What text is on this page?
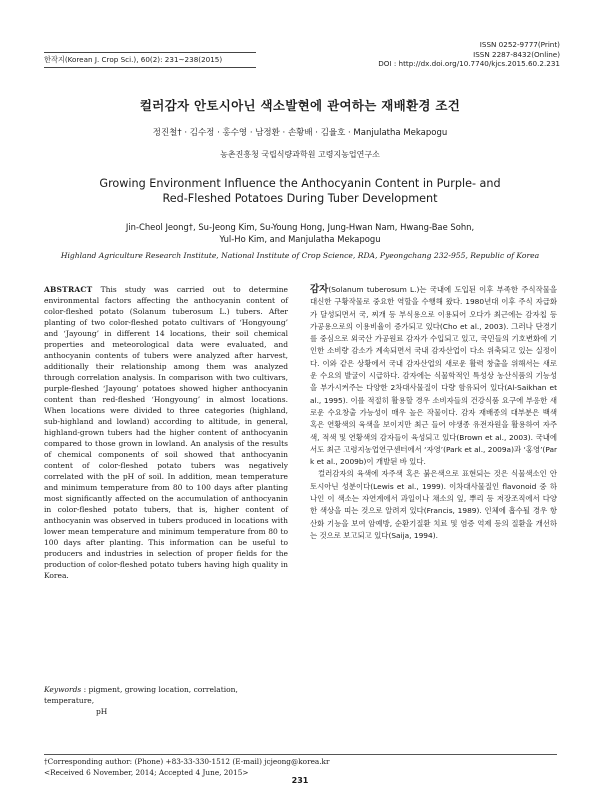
한작지(Korean J. Crop Sci.), 60(2): 231~238(2015)
ISSN 0252-9777(Print)
ISSN 2287-8432(Online)
DOI : http://dx.doi.org/10.7740/kjcs.2015.60.2.231
컬러감자 안토시아닌 색소발현에 관여하는 재배환경 조건
정진철† · 김수정 · 홍수영 · 남정환 · 손황배 · 김율호 · Manjulatha Mekapogu
농촌진흥청 국립식량과학원 고령지농업연구소
Growing Environment Influence the Anthocyanin Content in Purple- and
Red-Fleshed Potatoes During Tuber Development
Jin-Cheol Jeong†, Su-Jeong Kim, Su-Young Hong, Jung-Hwan Nam, Hwang-Bae Sohn,
Yul-Ho Kim, and Manjulatha Mekapogu
Highland Agriculture Research Institute, National Institute of Crop Science, RDA, Pyeongchang 232-955, Republic of Korea
ABSTRACT This study was carried out to determine environmental factors affecting the anthocyanin content of color-fleshed potato (Solanum tuberosum L.) tubers. After planting of two color-fleshed potato cultivars of ‘Hongyoung’ and ‘Jayoung’ in different 14 locations, their soil chemical properties and meteorological data were evaluated, and anthocyanin contents of tubers were analyzed after harvest, additionally their relationship among them was analyzed through correlation analysis. In comparison with two cultivars, purple-fleshed ‘Jayoung’ potatoes showed higher anthocyanin content than red-fleshed ‘Hongyoung’ in almost locations. When locations were divided to three categories (highland, sub-highland and lowland) according to altitude, in general, highland-grown tubers had the higher content of anthocyanin compared to those grown in lowland. An analysis of the results of chemical components of soil showed that anthocyanin content of color-fleshed potato tubers was negatively correlated with the pH of soil. In addition, mean temperature and minimum temperature from 80 to 100 days after planting most significantly affected on the accumulation of anthocyanin in color-fleshed potato tubers, that is, higher content of anthocyanin was observed in tubers produced in locations with lower mean temperature and minimum temperature from 80 to 100 days after planting. This information can be useful to producers and industries in selection of proper fields for the production of color-fleshed potato tubers having high quality in Korea.
Keywords : pigment, growing location, correlation, temperature,
pH

감자(Solanum tuberosum L.)는 국내에 도입된 이후 부족한 주식작물을 대신한 구황작물로 중요한 역할을 수행해 왔다. 1980년대 이후 주식 자급화가 달성되면서 국, 찌개 등 부식용으로 이용되어 오다가 최근에는 감자칩 등 가공용으로의 이용비율이 증가되고 있다(Cho et al., 2003). 그러나 단경기를 중심으로 외국산 가공원료 감자가 수입되고 있고, 국민들의 기호변화에 기인한 소비량 감소가 계속되면서 국내 감자산업이 다소 위축되고 있는 실정이다. 이와 같은 상황에서 국내 감자산업의 새로운 활력 창출을 위해서는 새로운 수요의 발굴이 시급하다. 감자에는 식물학적인 특성상 농산식품의 기능성을 부가시켜주는 다양한 2차대사물질이 다량 함유되어 있다(Al-Saikhan et al., 1995). 이를 적절히 활용할 경우 소비자들의 건강식품 요구에 부응한 새로운 수요창출 가능성이 매우 높은 작물이다. 감자 재배종의 대부분은 백색 혹은 연황색의 육색을 보이지만 최근 들어 야생종 유전자원을 활용하여 자주색, 적색 및 연황색의 감자들이 육성되고 있다(Brown et al., 2003). 국내에서도 최근 고령지농업연구센터에서 ‘자영’(Park et al., 2009a)과 ‘홍영’(Park et al., 2009b)이 개발된 바 있다.

컬러감자의 육색에 자주색 혹은 붉은색으로 표현되는 것은 식물색소인 안토시아닌 성분이다(Lewis et al., 1999). 이차대사물질인 flavonoid 중 하나인 이 색소는 자연계에서 과일이나 채소의 잎, 뿌리 등 저장조직에서 다양한 색상을 띠는 것으로 알려져 있다(Francis, 1989). 인체에 흡수될 경우 항산화 기능을 보여 암예방, 순환기질환 치료 및 염증 억제 등의 질환을 개선하는 것으로 보고되고 있다(Saija, 1994).

†Corresponding author: (Phone) +83-33-330-1512 (E-mail) jcjeong@korea.kr
<Received 6 November, 2014; Accepted 4 June, 2015>
231
